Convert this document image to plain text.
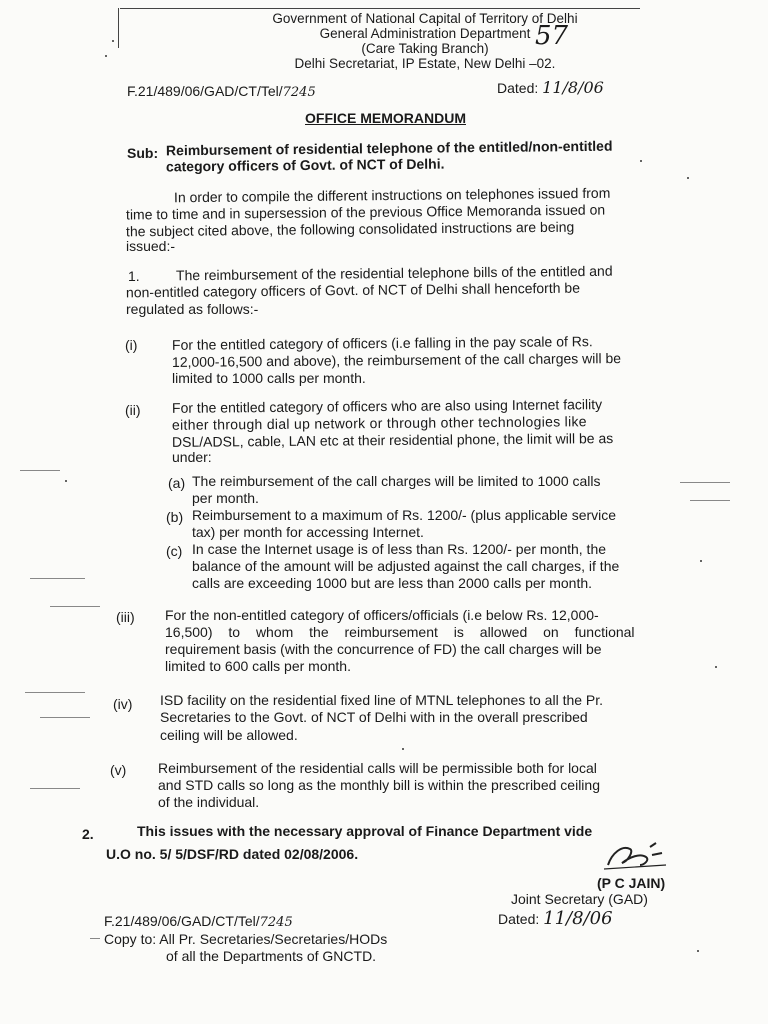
Government of National Capital of Territory of Delhi
General Administration Department
(Care Taking Branch)
Delhi Secretariat, IP Estate, New Delhi –02.
57
F.21/489/06/GAD/CT/Tel/7245	Dated: 11/8/06
OFFICE MEMORANDUM
Sub: Reimbursement of residential telephone of the entitled/non-entitled
category officers of Govt. of NCT of Delhi.
In order to compile the different instructions on telephones issued from
time to time and in supersession of the previous Office Memoranda issued on
the subject cited above, the following consolidated instructions are being
issued:-
1.	The reimbursement of the residential telephone bills of the entitled and
non-entitled category officers of Govt. of NCT of Delhi shall henceforth be
regulated as follows:-
(i) For the entitled category of officers (i.e falling in the pay scale of Rs.
12,000-16,500 and above), the reimbursement of the call charges will be
limited to 1000 calls per month.
(ii) For the entitled category of officers who are also using Internet facility
either through dial up network or through other technologies like
DSL/ADSL, cable, LAN etc at their residential phone, the limit will be as
under:
(a) The reimbursement of the call charges will be limited to 1000 calls
per month.
(b) Reimbursement to a maximum of Rs. 1200/- (plus applicable service
tax) per month for accessing Internet.
(c) In case the Internet usage is of less than Rs. 1200/- per month, the
balance of the amount will be adjusted against the call charges, if the
calls are exceeding 1000 but are less than 2000 calls per month.
(iii) For the non-entitled category of officers/officials (i.e below Rs. 12,000-
16,500) to whom the reimbursement is allowed on functional
requirement basis (with the concurrence of FD) the call charges will be
limited to 600 calls per month.
(iv) ISD facility on the residential fixed line of MTNL telephones to all the Pr.
Secretaries to the Govt. of NCT of Delhi with in the overall prescribed
ceiling will be allowed.
(v) Reimbursement of the residential calls will be permissible both for local
and STD calls so long as the monthly bill is within the prescribed ceiling
of the individual.
2.	This issues with the necessary approval of Finance Department vide
U.O no. 5/ 5/DSF/RD dated 02/08/2006.
(P C JAIN)
Joint Secretary (GAD)
F.21/489/06/GAD/CT/Tel/7245	Dated: 11/8/06
Copy to: All Pr. Secretaries/Secretaries/HODs
of all the Departments of GNCTD.
